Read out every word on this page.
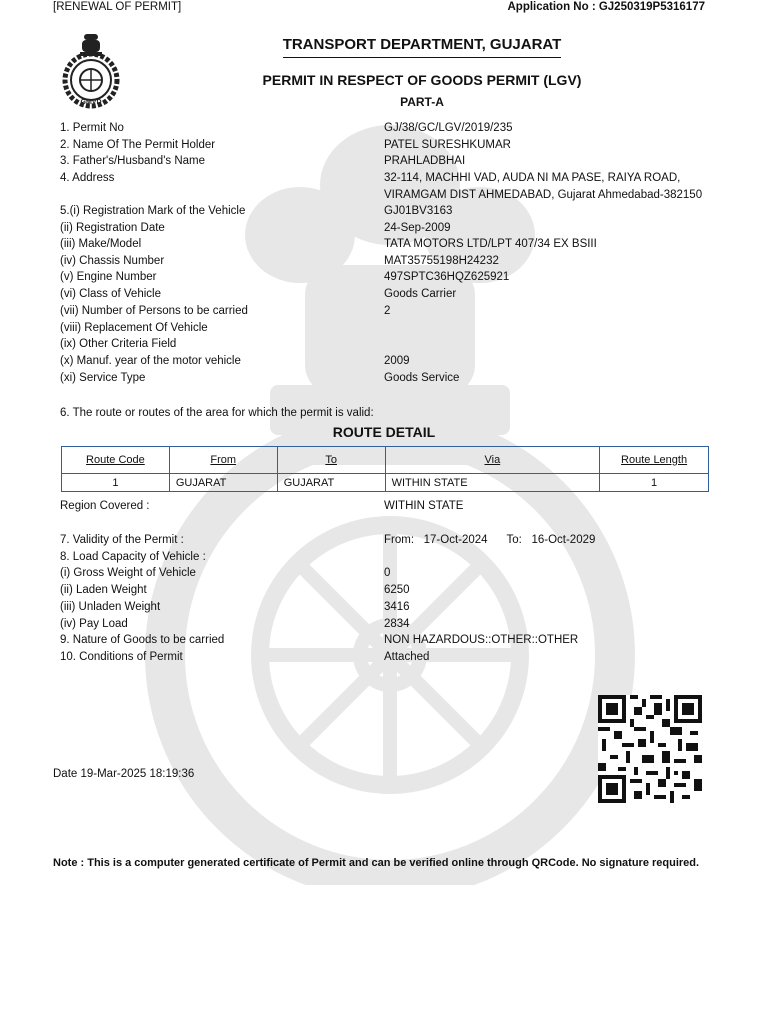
[RENEWAL OF PERMIT]	Application No : GJ250319P5316177
GMVD
TRANSPORT DEPARTMENT, GUJARAT
PERMIT IN RESPECT OF GOODS PERMIT (LGV)
PART-A
1. Permit No	GJ/38/GC/LGV/2019/235
2. Name Of The Permit Holder	PATEL SURESHKUMAR
3. Father's/Husband's Name	PRAHLADBHAI
4. Address	32-114, MACHHI VAD, AUDA NI MA PASE, RAIYA ROAD,
VIRAMGAM DIST AHMEDABAD, Gujarat Ahmedabad-382150
5.(i) Registration Mark of the Vehicle	GJ01BV3163
(ii) Registration Date	24-Sep-2009
(iii) Make/Model	TATA MOTORS LTD/LPT 407/34 EX BSIII
(iv) Chassis Number	MAT35755198H24232
(v) Engine Number	497SPTC36HQZ625921
(vi) Class of Vehicle	Goods Carrier
(vii) Number of Persons to be carried	2
(viii) Replacement Of Vehicle
(ix) Other Criteria Field
(x) Manuf. year of the motor vehicle	2009
(xi) Service Type	Goods Service
6. The route or routes of the area for which the permit is valid:
ROUTE DETAIL
Route Code	From	To	Via	Route Length
1	GUJARAT	GUJARAT	WITHIN STATE	1
Region Covered :	WITHIN STATE
7. Validity of the Permit :	From: 17-Oct-2024 To: 16-Oct-2029
8. Load Capacity of Vehicle :
(i) Gross Weight of Vehicle	0
(ii) Laden Weight	6250
(iii) Unladen Weight	3416
(iv) Pay Load	2834
9. Nature of Goods to be carried	NON HAZARDOUS::OTHER::OTHER
10. Conditions of Permit	Attached
Date 19-Mar-2025 18:19:36
Note : This is a computer generated certificate of Permit and can be verified online through QRCode. No signature required.
